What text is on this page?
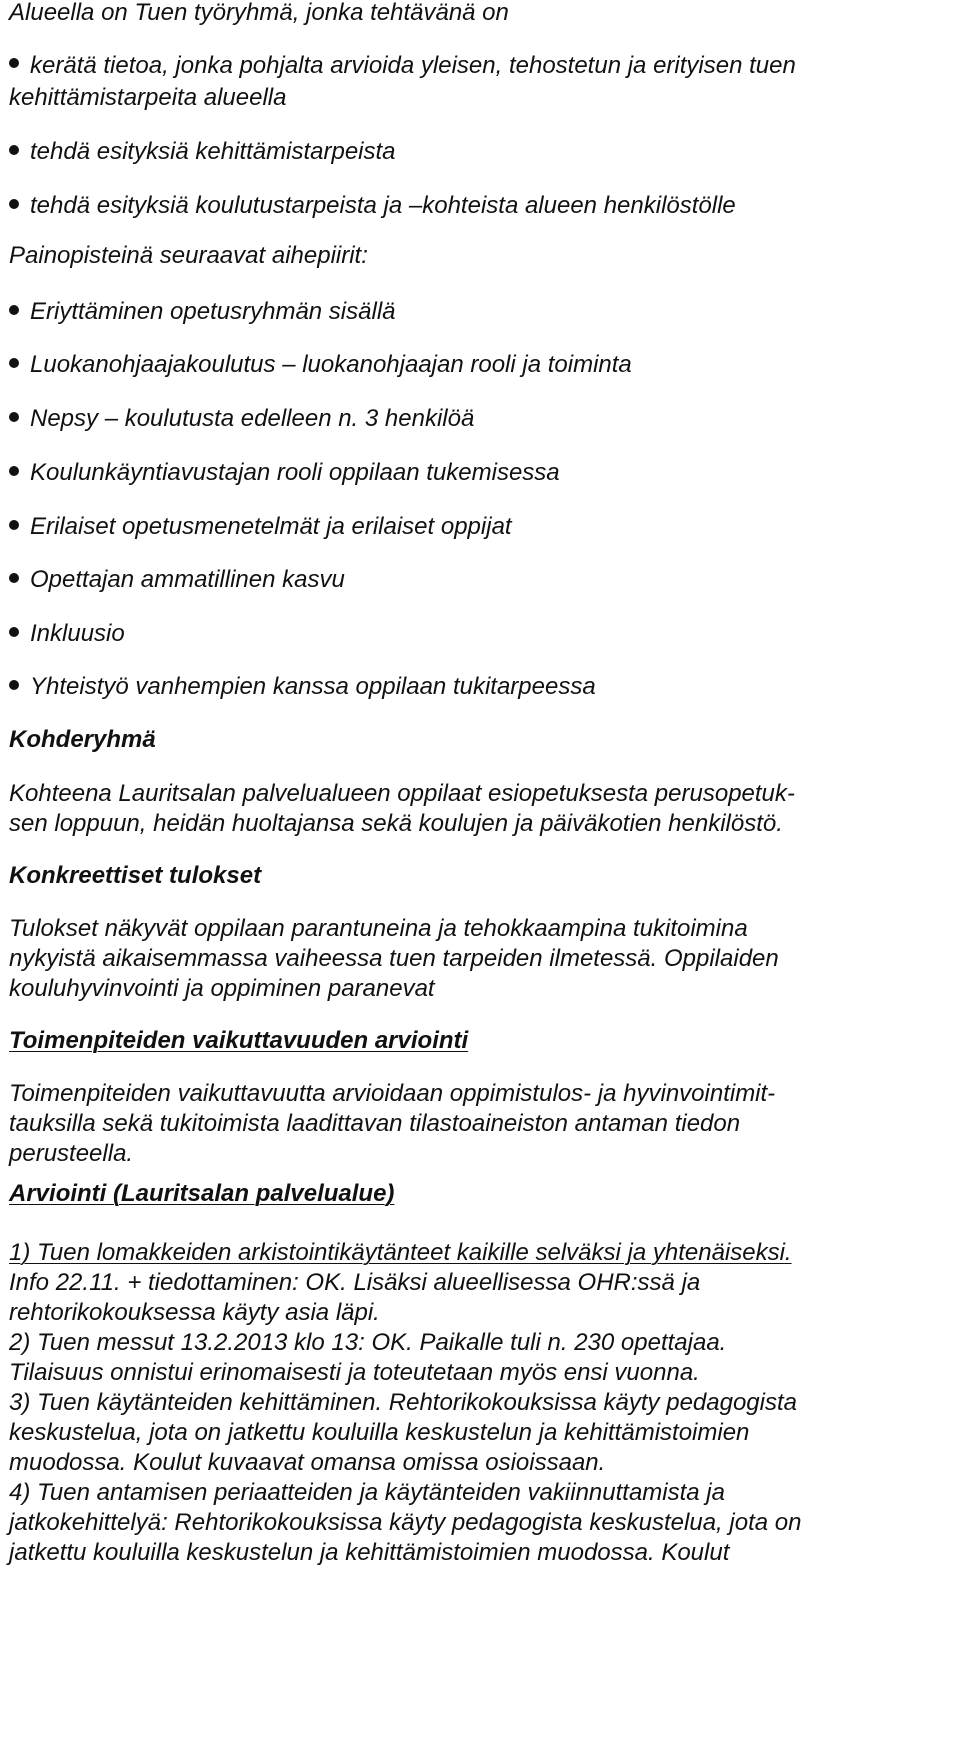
Alueella on Tuen työryhmä, jonka tehtävänä on
kerätä tietoa, jonka pohjalta arvioida yleisen, tehostetun ja erityisen tuen
kehittämistarpeita alueella
tehdä esityksiä kehittämistarpeista
tehdä esityksiä koulutustarpeista ja –kohteista alueen henkilöstölle
Painopisteinä seuraavat aihepiirit:
Eriyttäminen opetusryhmän sisällä
Luokanohjaajakoulutus – luokanohjaajan rooli ja toiminta
Nepsy – koulutusta edelleen n. 3 henkilöä
Koulunkäyntiavustajan rooli oppilaan tukemisessa
Erilaiset opetusmenetelmät ja erilaiset oppijat
Opettajan ammatillinen kasvu
Inkluusio
Yhteistyö vanhempien kanssa oppilaan tukitarpeessa
Kohderyhmä
Kohteena Lauritsalan palvelualueen oppilaat esiopetuksesta perusopetuk-
sen loppuun, heidän huoltajansa sekä koulujen ja päiväkotien henkilöstö.
Konkreettiset tulokset
Tulokset näkyvät oppilaan parantuneina ja tehokkaampina tukitoimina
nykyistä aikaisemmassa vaiheessa tuen tarpeiden ilmetessä. Oppilaiden
kouluhyvinvointi ja oppiminen paranevat
Toimenpiteiden vaikuttavuuden arviointi
Toimenpiteiden vaikuttavuutta arvioidaan oppimistulos- ja hyvinvointimit-
tauksilla sekä tukitoimista laadittavan tilastoaineiston antaman tiedon
perusteella.
Arviointi (Lauritsalan palvelualue)
1) Tuen lomakkeiden arkistointikäytänteet kaikille selväksi ja yhtenäiseksi.
Info 22.11. + tiedottaminen: OK. Lisäksi alueellisessa OHR:ssä ja
rehtorikokouksessa käyty asia läpi.
2) Tuen messut 13.2.2013 klo 13: OK. Paikalle tuli n. 230 opettajaa.
Tilaisuus onnistui erinomaisesti ja toteutetaan myös ensi vuonna.
3) Tuen käytänteiden kehittäminen. Rehtorikokouksissa käyty pedagogista
keskustelua, jota on jatkettu kouluilla keskustelun ja kehittämistoimien
muodossa. Koulut kuvaavat omansa omissa osioissaan.
4) Tuen antamisen periaatteiden ja käytänteiden vakiinnuttamista ja
jatkokehittelyä: Rehtorikokouksissa käyty pedagogista keskustelua, jota on
jatkettu kouluilla keskustelun ja kehittämistoimien muodossa. Koulut
